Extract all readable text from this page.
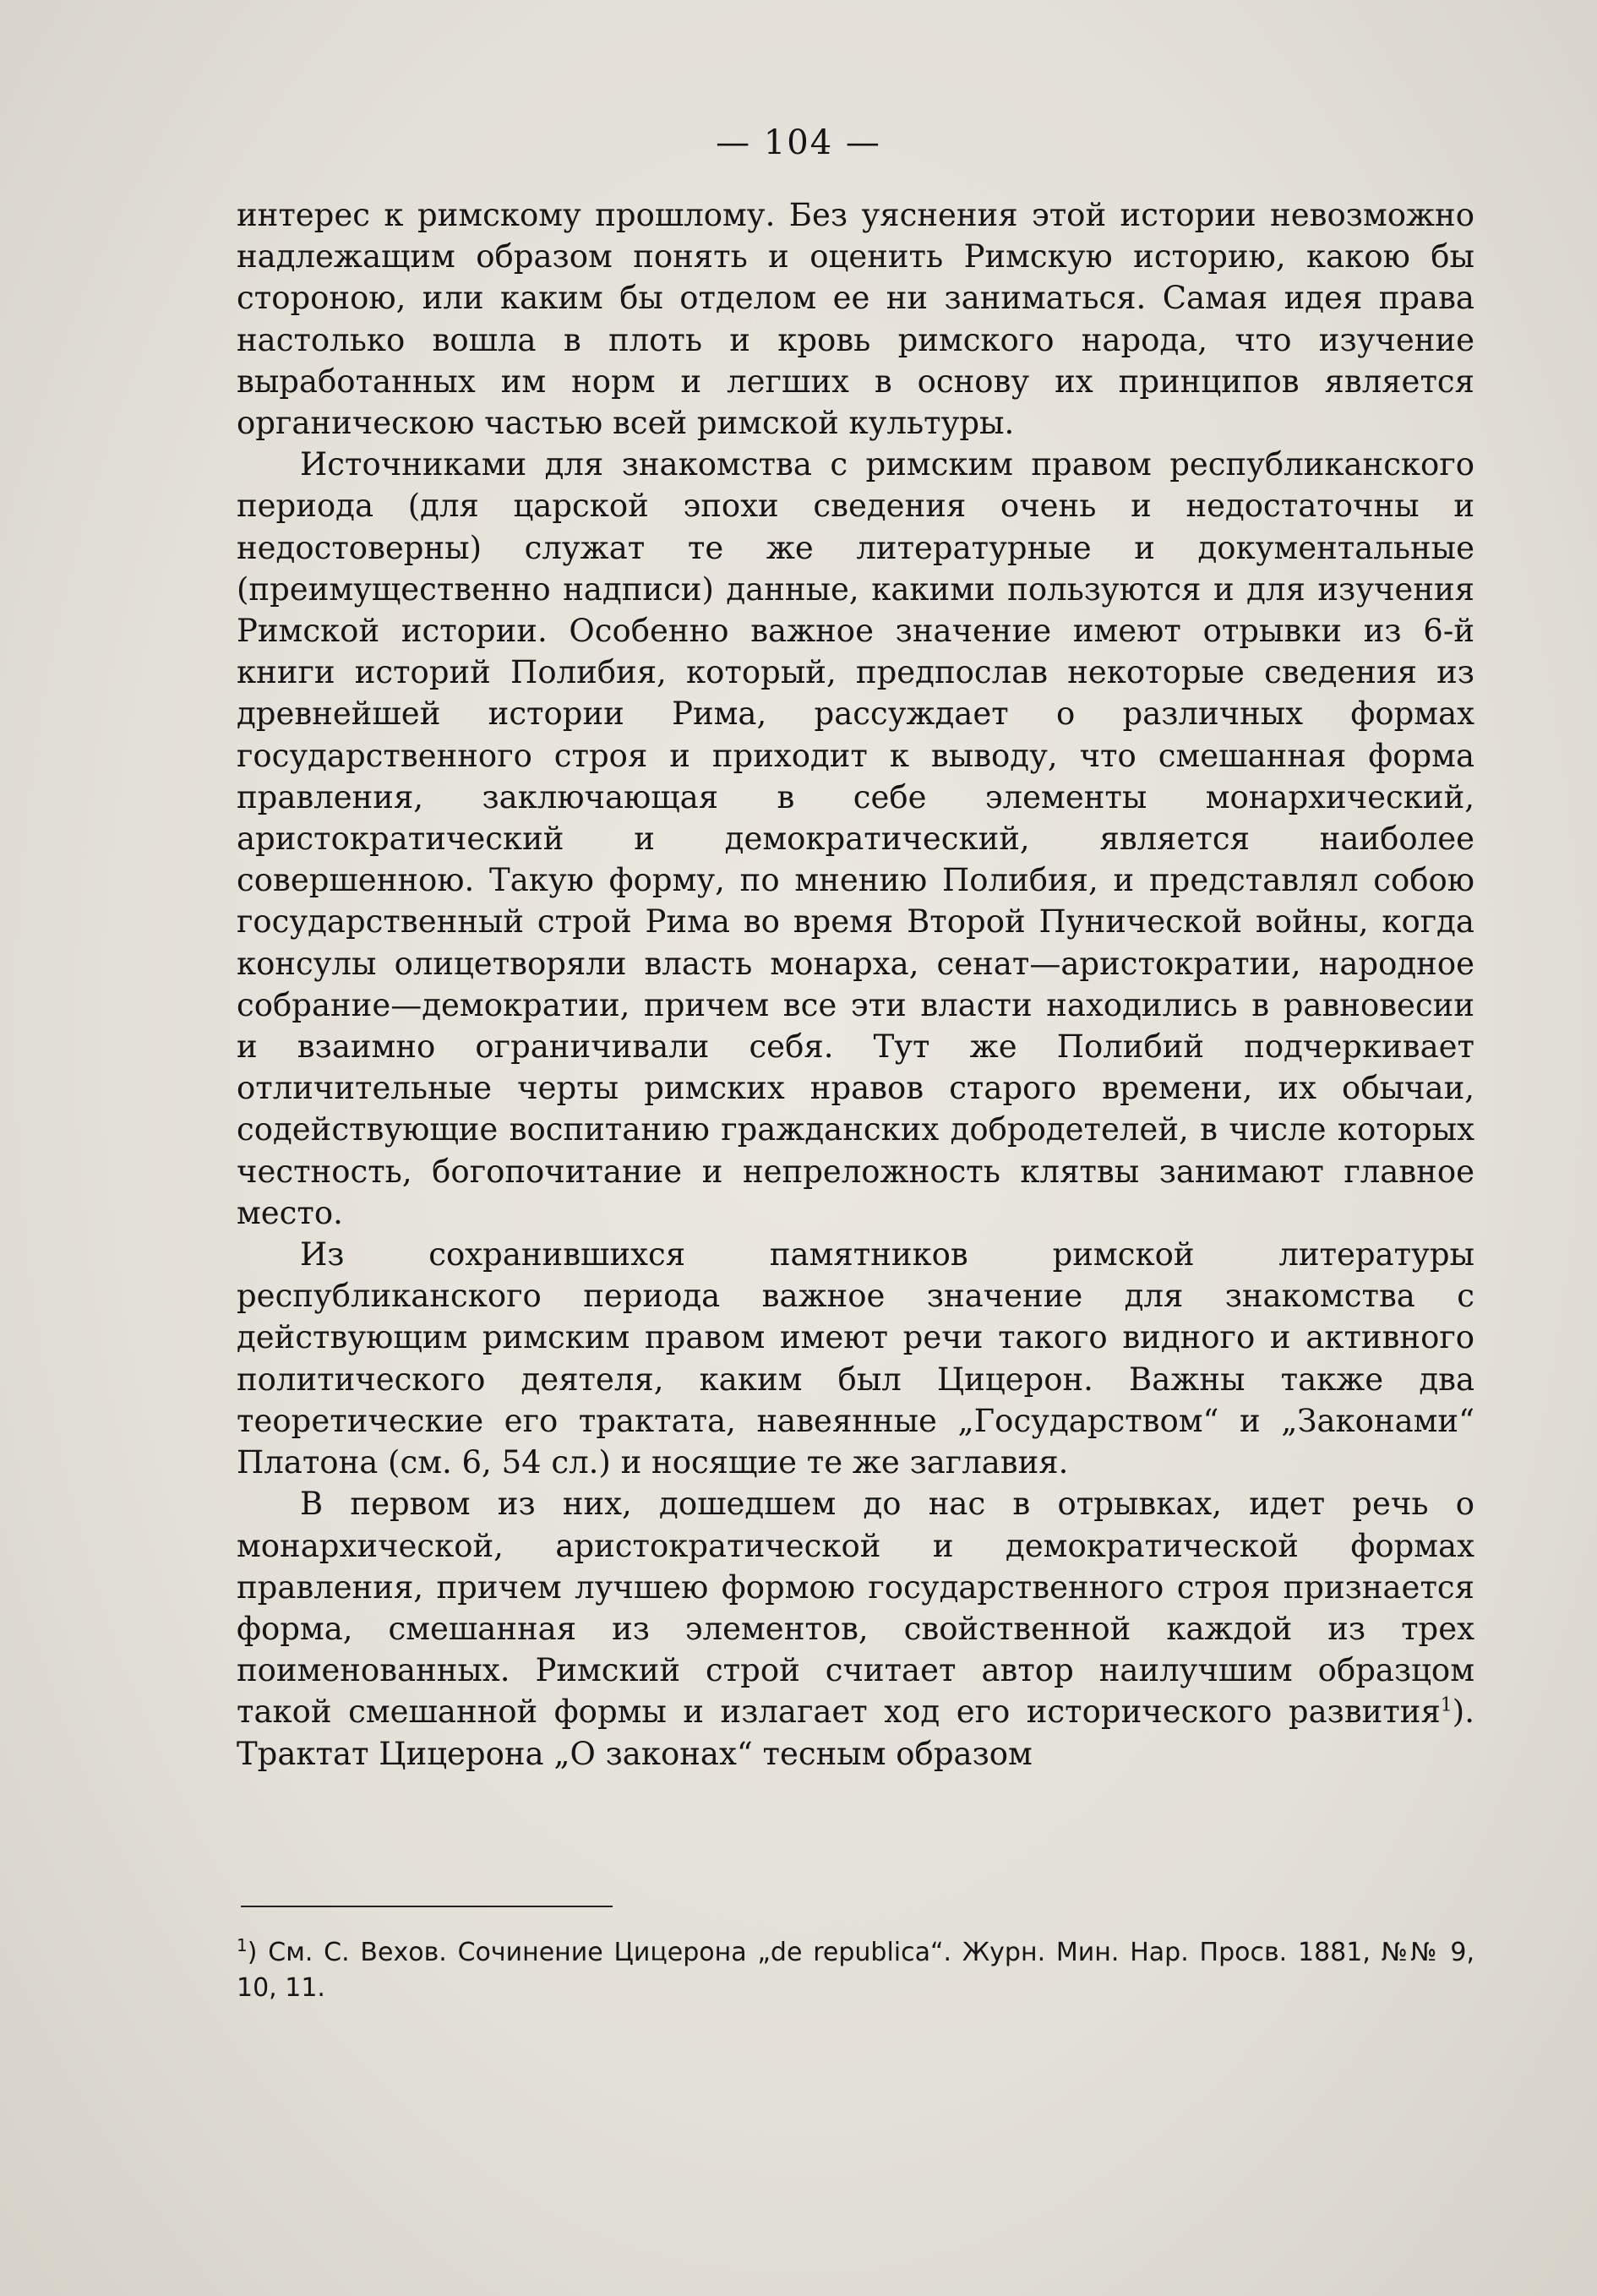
— 104 —

интерес к римскому прошлому. Без уяснения этой истории невозможно надлежащим образом понять и оценить Римскую историю, какою бы стороною, или каким бы отделом ее ни заниматься. Самая идея права настолько вошла в плоть и кровь римского народа, что изучение выработанных им норм и легших в основу их принципов является органическою частью всей римской культуры.

Источниками для знакомства с римским правом республиканского периода (для царской эпохи сведения очень и недостаточны и недостоверны) служат те же литературные и документальные (преимущественно надписи) данные, какими пользуются и для изучения Римской истории. Особенно важное значение имеют отрывки из 6-й книги историй Полибия, который, предпослав некоторые сведения из древнейшей истории Рима, рассуждает о различных формах государственного строя и приходит к выводу, что смешанная форма правления, заключающая в себе элементы монархический, аристократический и демократический, является наиболее совершенною. Такую форму, по мнению Полибия, и представлял собою государственный строй Рима во время Второй Пунической войны, когда консулы олицетворяли власть монарха, сенат—аристократии, народное собрание—демократии, причем все эти власти находились в равновесии и взаимно ограничивали себя. Тут же Полибий подчеркивает отличительные черты римских нравов старого времени, их обычаи, содействующие воспитанию гражданских добродетелей, в числе которых честность, богопочитание и непреложность клятвы занимают главное место.

Из сохранившихся памятников римской литературы республиканского периода важное значение для знакомства с действующим римским правом имеют речи такого видного и активного политического деятеля, каким был Цицерон. Важны также два теоретические его трактата, навеянные „Государством“ и „Законами“ Платона (см. 6, 54 сл.) и носящие те же заглавия.

В первом из них, дошедшем до нас в отрывках, идет речь о монархической, аристократической и демократической формах правления, причем лучшею формою государственного строя признается форма, смешанная из элементов, свойственной каждой из трех поименованных. Римский строй считает автор наилучшим образцом такой смешанной формы и излагает ход его исторического развития$^1$). Трактат Цицерона „О законах“ тесным образом

$^1$) См. С. Вехов. Сочинение Цицерона „de republica“. Журн. Мин. Нар. Просв. 1881, №№ 9, 10, 11.
